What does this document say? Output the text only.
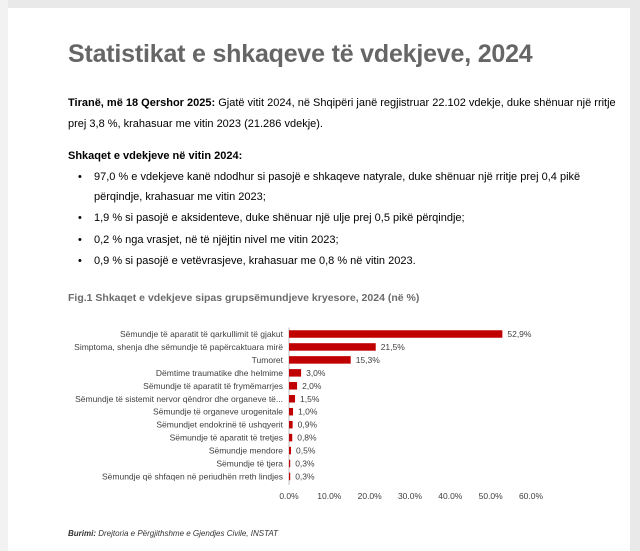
Statistikat e shkaqeve të vdekjeve, 2024
Tiranë, më 18 Qershor 2025: Gjatë vitit 2024, në Shqipëri janë regjistruar 22.102 vdekje, duke shënuar një rritje prej 3,8 %, krahasuar me vitin 2023 (21.286 vdekje).
Shkaqet e vdekjeve në vitin 2024:
• 97,0 % e vdekjeve kanë ndodhur si pasojë e shkaqeve natyrale, duke shënuar një rritje prej 0,4 pikë përqindje, krahasuar me vitin 2023;
• 1,9 % si pasojë e aksidenteve, duke shënuar një ulje prej 0,5 pikë përqindje;
• 0,2 % nga vrasjet, në të njëjtin nivel me vitin 2023;
• 0,9 % si pasojë e vetëvrasjeve, krahasuar me 0,8 % në vitin 2023.
Fig.1 Shkaqet e vdekjeve sipas grupsëmundjeve kryesore, 2024 (në %)
Sëmundje të aparatit të qarkullimit të gjakut	52,9%
Simptoma, shenja dhe sëmundje të papërcaktuara mirë	21,5%
Tumoret	15,3%
Dëmtime traumatike dhe helmime	3,0%
Sëmundje të aparatit të frymëmarrjes 2,0%
Sëmundje të sistemit nervor qëndror dhe organeve të... 1,5%
Sëmundje të organeve urogenitale 1,0%
Sëmundjet endokrinë të ushqyerit 0,9%
Sëmundje të aparatit të tretjes 0,8%
Sëmundje mendore 0,5%
Sëmundje të tjera 0,3%
Sëmundje që shfaqen në periudhën rreth lindjes 0,3%
0.0% 10.0% 20.0% 30.0% 40.0% 50.0% 60.0%
Burimi: Drejtoria e Përgjithshme e Gjendjes Civile, INSTAT
